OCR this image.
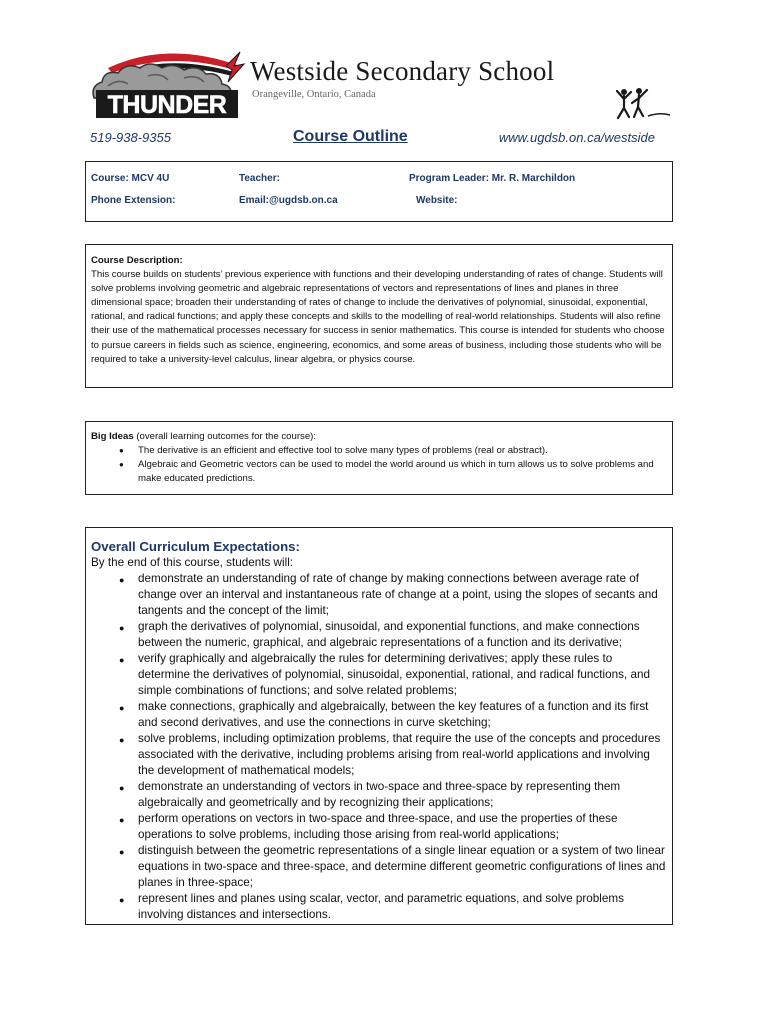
THUNDER
Westside Secondary School
Orangeville, Ontario, Canada
519-938-9355	Course Outline	www.ugdsb.on.ca/westside
Course: MCV 4U	Teacher:	Program Leader: Mr. R. Marchildon
Phone Extension:	Email:@ugdsb.on.ca	Website:
Course Description:
This course builds on students’ previous experience with functions and their developing understanding of rates of change. Students will solve problems involving geometric and algebraic representations of vectors and representations of lines and planes in three dimensional space; broaden their understanding of rates of change to include the derivatives of polynomial, sinusoidal, exponential, rational, and radical functions; and apply these concepts and skills to the modelling of real-world relationships. Students will also refine their use of the mathematical processes necessary for success in senior mathematics. This course is intended for students who choose to pursue careers in fields such as science, engineering, economics, and some areas of business, including those students who will be required to take a university-level calculus, linear algebra, or physics course.
Big Ideas (overall learning outcomes for the course):
● The derivative is an efficient and effective tool to solve many types of problems (real or abstract).
● Algebraic and Geometric vectors can be used to model the world around us which in turn allows us to solve problems and make educated predictions.
Overall Curriculum Expectations:
By the end of this course, students will:
● demonstrate an understanding of rate of change by making connections between average rate of change over an interval and instantaneous rate of change at a point, using the slopes of secants and tangents and the concept of the limit;
● graph the derivatives of polynomial, sinusoidal, and exponential functions, and make connections between the numeric, graphical, and algebraic representations of a function and its derivative;
● verify graphically and algebraically the rules for determining derivatives; apply these rules to determine the derivatives of polynomial, sinusoidal, exponential, rational, and radical functions, and simple combinations of functions; and solve related problems;
● make connections, graphically and algebraically, between the key features of a function and its first and second derivatives, and use the connections in curve sketching;
● solve problems, including optimization problems, that require the use of the concepts and procedures associated with the derivative, including problems arising from real-world applications and involving the development of mathematical models;
● demonstrate an understanding of vectors in two-space and three-space by representing them algebraically and geometrically and by recognizing their applications;
● perform operations on vectors in two-space and three-space, and use the properties of these operations to solve problems, including those arising from real-world applications;
● distinguish between the geometric representations of a single linear equation or a system of two linear equations in two-space and three-space, and determine different geometric configurations of lines and planes in three-space;
● represent lines and planes using scalar, vector, and parametric equations, and solve problems involving distances and intersections.
